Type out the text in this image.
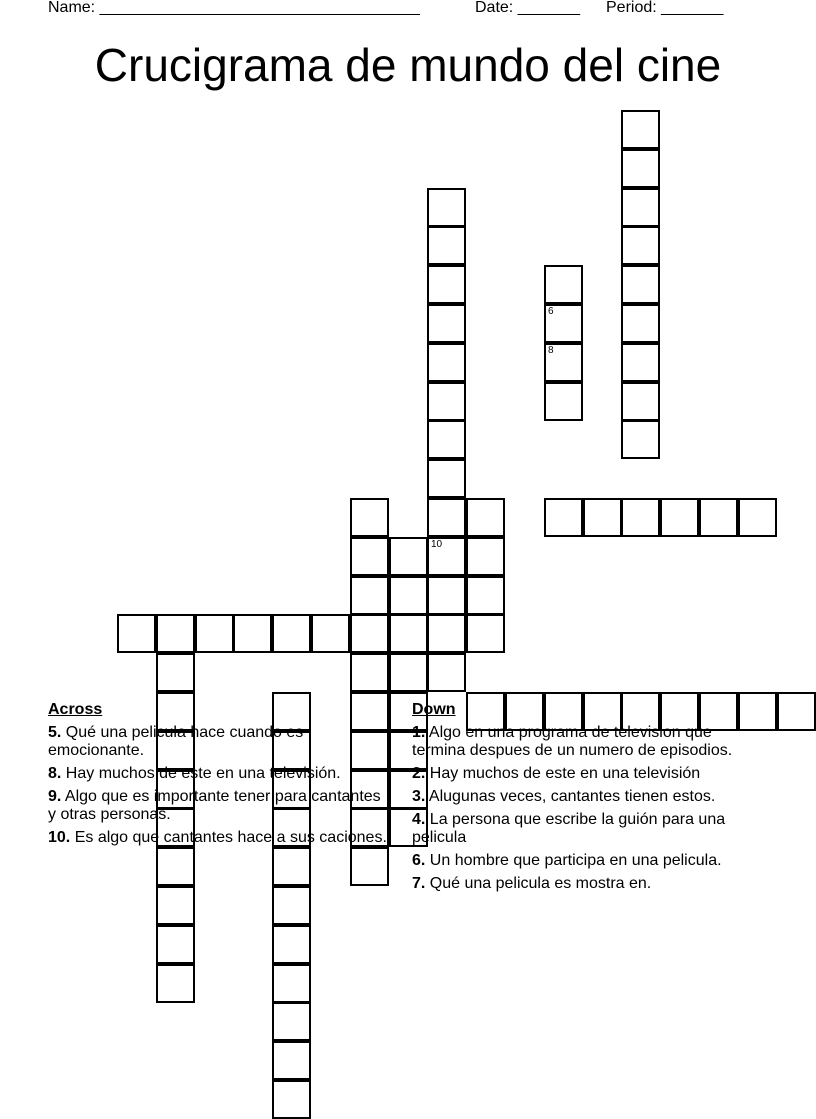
Name: ____________________________________	Date: _______ Period: _______
Crucigrama de mundo del cine
10
6
8
Across
5. Qué una pelicula hace cuando es emocionante.
8. Hay muchos de este en una televisión.
9. Algo que es importante tener para cantantes y otras personas.
10. Es algo que cantantes hace a sus caciones.
Down
1. Algo en una programa de television que termina despues de un numero de episodios.
2. Hay muchos de este en una televisión
3. Alugunas veces, cantantes tienen estos.
4. La persona que escribe la guión para una pelicula
6. Un hombre que participa en una pelicula.
7. Qué una pelicula es mostra en.
